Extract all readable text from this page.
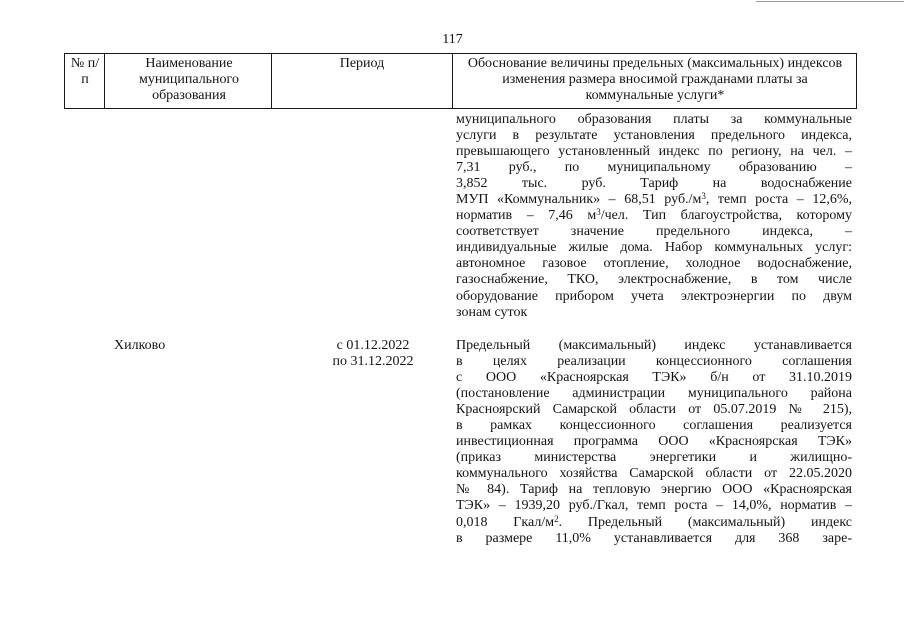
117
№ п/п
Наименование муниципального образования
Период	Обоснование величины предельных (максимальных) индексов изменения размера вносимой гражданами платы за коммунальные услуги*
муниципального образования платы за коммунальные
услуги в результате установления предельного индекса,
превышающего установленный индекс по региону, на чел. –
7,31 руб., по муниципальному образованию –
3,852 тыс. руб. Тариф на водоснабжение
МУП «Коммунальник» – 68,51 $руб./м^3$, темп роста – 12,6%,
норматив – 7,46 $м^3$/чел. Тип благоустройства, которому
соответствует значение предельного индекса, –
индивидуальные жилые дома. Набор коммунальных услуг:
автономное газовое отопление, холодное водоснабжение,
газоснабжение, ТКО, электроснабжение, в том числе
оборудование прибором учета электроэнергии по двум
зонам суток
Хилково	с 01.12.2022
по 31.12.2022
Предельный (максимальный) индекс устанавливается
в целях реализации концессионного соглашения
с ООО «Красноярская ТЭК» б/н от 31.10.2019
(постановление администрации муниципального района
Красноярский Самарской области от 05.07.2019 № 215),
в рамках концессионного соглашения реализуется
инвестиционная программа ООО «Красноярская ТЭК»
(приказ министерства энергетики и жилищно-
коммунального хозяйства Самарской области от 22.05.2020
№ 84). Тариф на тепловую энергию ООО «Красноярская
ТЭК» – 1939,20 руб./Гкал, темп роста – 14,0%, норматив –
0,018 Гкал/$м^2$. Предельный (максимальный) индекс
в размере 11,0% устанавливается для 368 заре-
